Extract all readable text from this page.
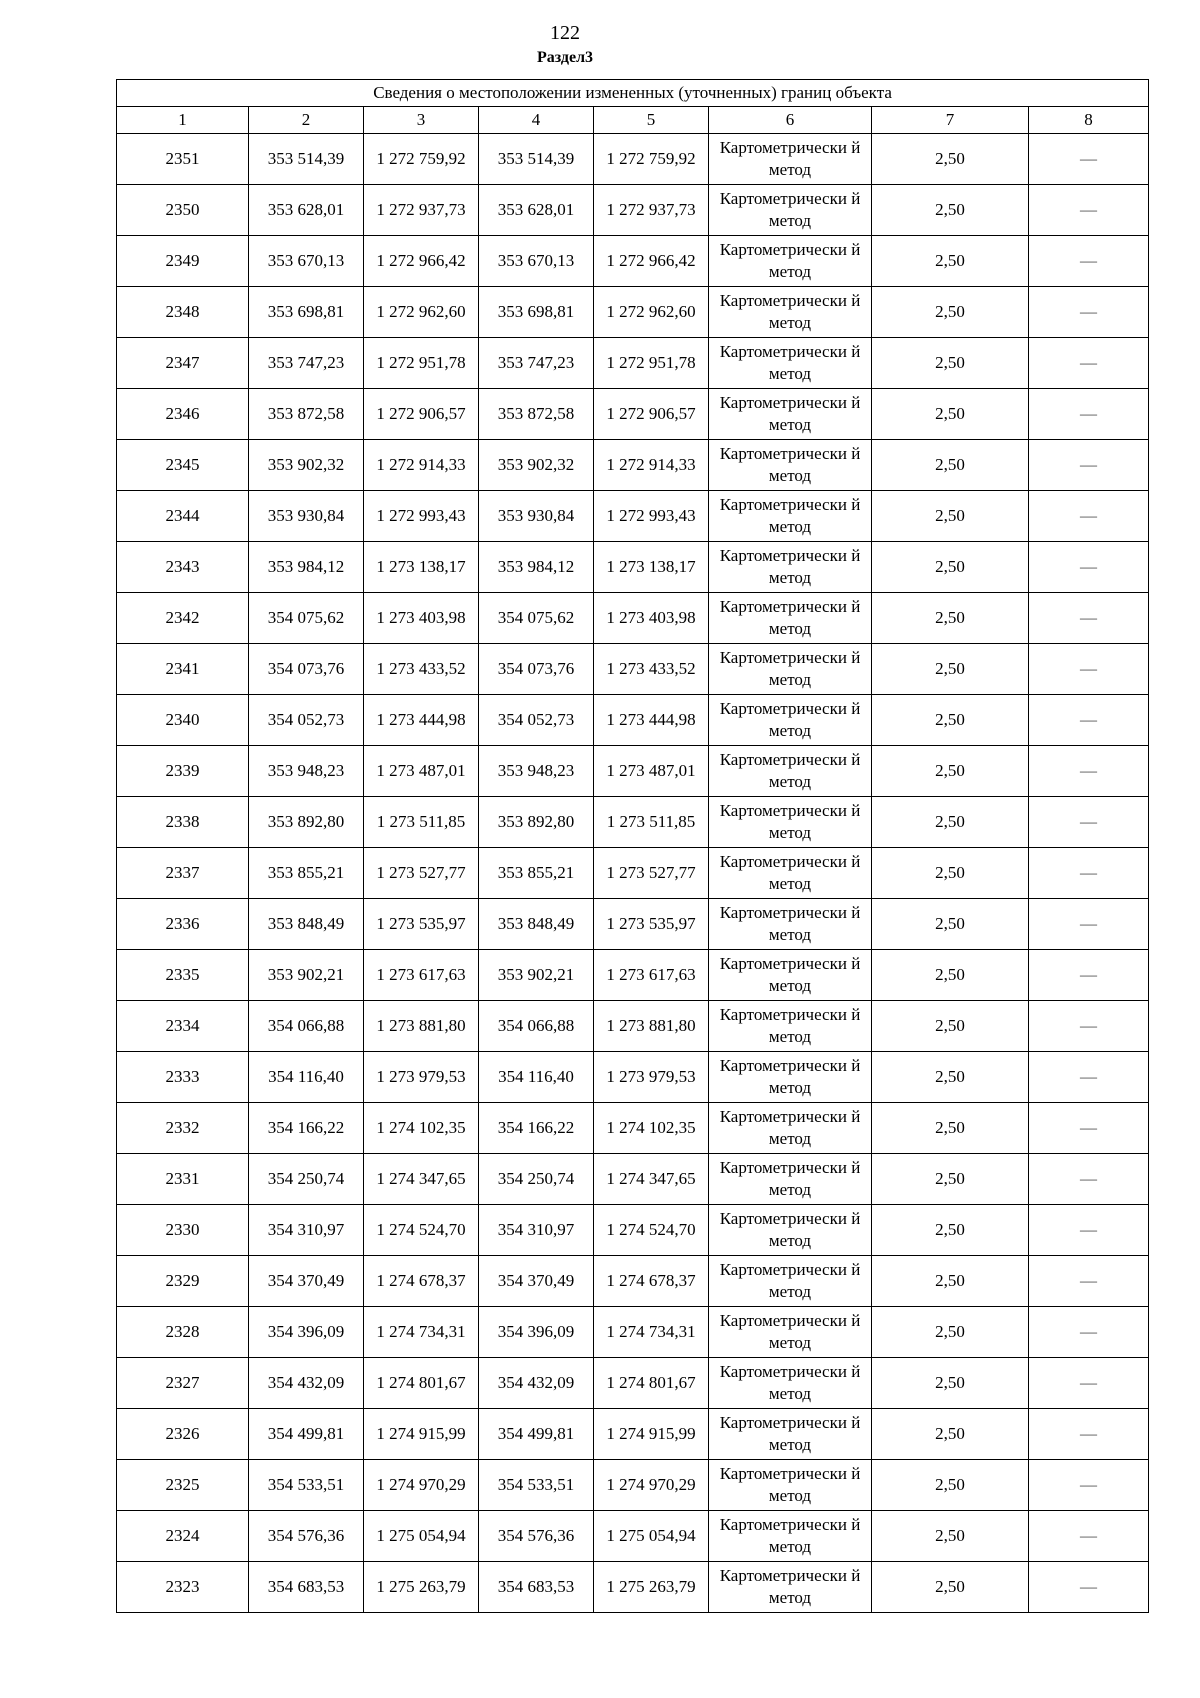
122
Раздел3
Сведения о местоположении измененных (уточненных) границ объекта							
1	2	3	4	5	6	7	8
2351	353 514,39	1 272 759,92	353 514,39	1 272 759,92	Картометрически й метод	2,50	—
2350	353 628,01	1 272 937,73	353 628,01	1 272 937,73	Картометрически й метод	2,50	—
2349	353 670,13	1 272 966,42	353 670,13	1 272 966,42	Картометрически й метод	2,50	—
2348	353 698,81	1 272 962,60	353 698,81	1 272 962,60	Картометрически й метод	2,50	—
2347	353 747,23	1 272 951,78	353 747,23	1 272 951,78	Картометрически й метод	2,50	—
2346	353 872,58	1 272 906,57	353 872,58	1 272 906,57	Картометрически й метод	2,50	—
2345	353 902,32	1 272 914,33	353 902,32	1 272 914,33	Картометрически й метод	2,50	—
2344	353 930,84	1 272 993,43	353 930,84	1 272 993,43	Картометрически й метод	2,50	—
2343	353 984,12	1 273 138,17	353 984,12	1 273 138,17	Картометрически й метод	2,50	—
2342	354 075,62	1 273 403,98	354 075,62	1 273 403,98	Картометрически й метод	2,50	—
2341	354 073,76	1 273 433,52	354 073,76	1 273 433,52	Картометрически й метод	2,50	—
2340	354 052,73	1 273 444,98	354 052,73	1 273 444,98	Картометрически й метод	2,50	—
2339	353 948,23	1 273 487,01	353 948,23	1 273 487,01	Картометрически й метод	2,50	—
2338	353 892,80	1 273 511,85	353 892,80	1 273 511,85	Картометрически й метод	2,50	—
2337	353 855,21	1 273 527,77	353 855,21	1 273 527,77	Картометрически й метод	2,50	—
2336	353 848,49	1 273 535,97	353 848,49	1 273 535,97	Картометрически й метод	2,50	—
2335	353 902,21	1 273 617,63	353 902,21	1 273 617,63	Картометрически й метод	2,50	—
2334	354 066,88	1 273 881,80	354 066,88	1 273 881,80	Картометрически й метод	2,50	—
2333	354 116,40	1 273 979,53	354 116,40	1 273 979,53	Картометрически й метод	2,50	—
2332	354 166,22	1 274 102,35	354 166,22	1 274 102,35	Картометрически й метод	2,50	—
2331	354 250,74	1 274 347,65	354 250,74	1 274 347,65	Картометрически й метод	2,50	—
2330	354 310,97	1 274 524,70	354 310,97	1 274 524,70	Картометрически й метод	2,50	—
2329	354 370,49	1 274 678,37	354 370,49	1 274 678,37	Картометрически й метод	2,50	—
2328	354 396,09	1 274 734,31	354 396,09	1 274 734,31	Картометрически й метод	2,50	—
2327	354 432,09	1 274 801,67	354 432,09	1 274 801,67	Картометрически й метод	2,50	—
2326	354 499,81	1 274 915,99	354 499,81	1 274 915,99	Картометрически й метод	2,50	—
2325	354 533,51	1 274 970,29	354 533,51	1 274 970,29	Картометрически й метод	2,50	—
2324	354 576,36	1 275 054,94	354 576,36	1 275 054,94	Картометрически й метод	2,50	—
2323	354 683,53	1 275 263,79	354 683,53	1 275 263,79	Картометрически й метод	2,50	—
